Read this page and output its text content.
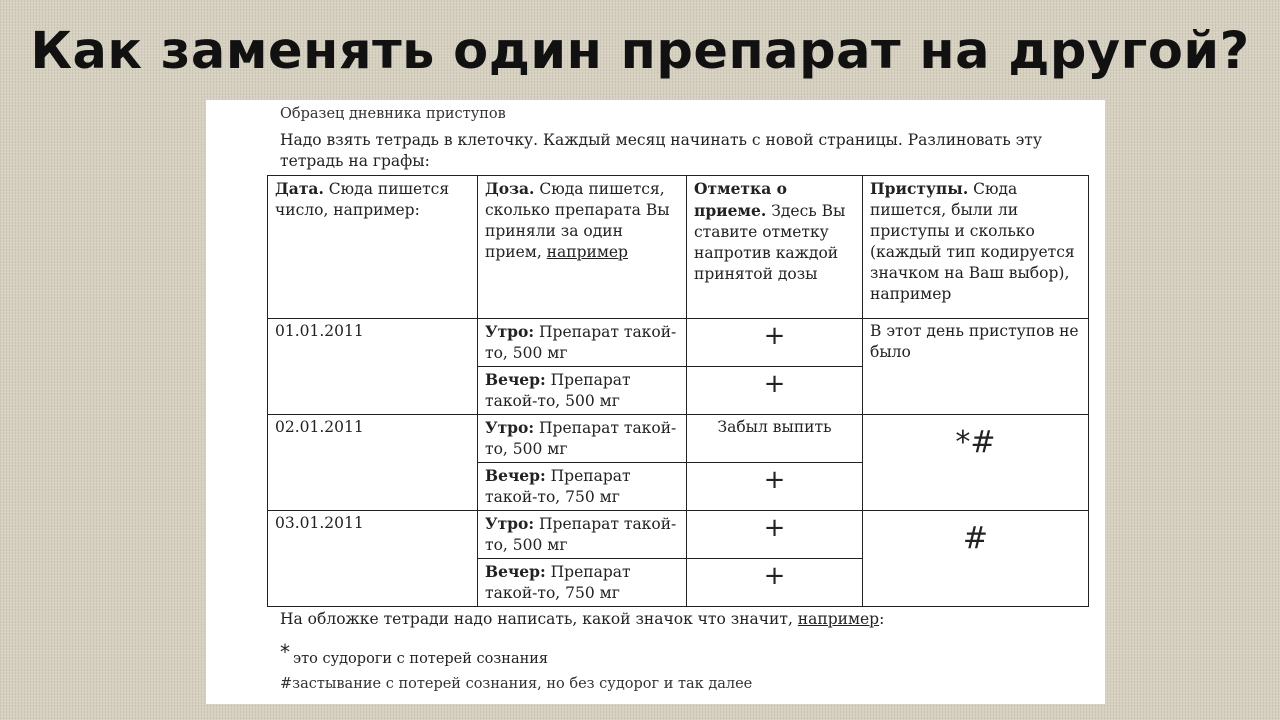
Как заменять один препарат на другой?
Образец дневника приступов
Надо взять тетрадь в клеточку. Каждый месяц начинать с новой страницы. Разлиновать эту тетрадь на графы:
Дата. Сюда пишется число, например:	Доза. Сюда пишется, сколько препарата Вы приняли за один прием, например	Отметка о приеме. Здесь Вы ставите отметку напротив каждой принятой дозы	Приступы. Сюда пишется, были ли приступы и сколько (каждый тип кодируется значком на Ваш выбор), например
01.01.2011	Утро: Препарат такой-то, 500 мг	+	В этот день приступов не было
	Вечер: Препарат такой-то, 500 мг	+	

02.01.2011	Утро: Препарат такой-то, 500 мг	Забыл выпить	*#

	Вечер: Препарат такой-то, 750 мг	+	

03.01.2011	Утро: Препарат такой-то, 500 мг	+	#

	Вечер: Препарат такой-то, 750 мг	+	
На обложке тетради надо написать, какой значок что значит, например:
* это судороги с потерей сознания
#застывание с потерей сознания, но без судорог и так далее
